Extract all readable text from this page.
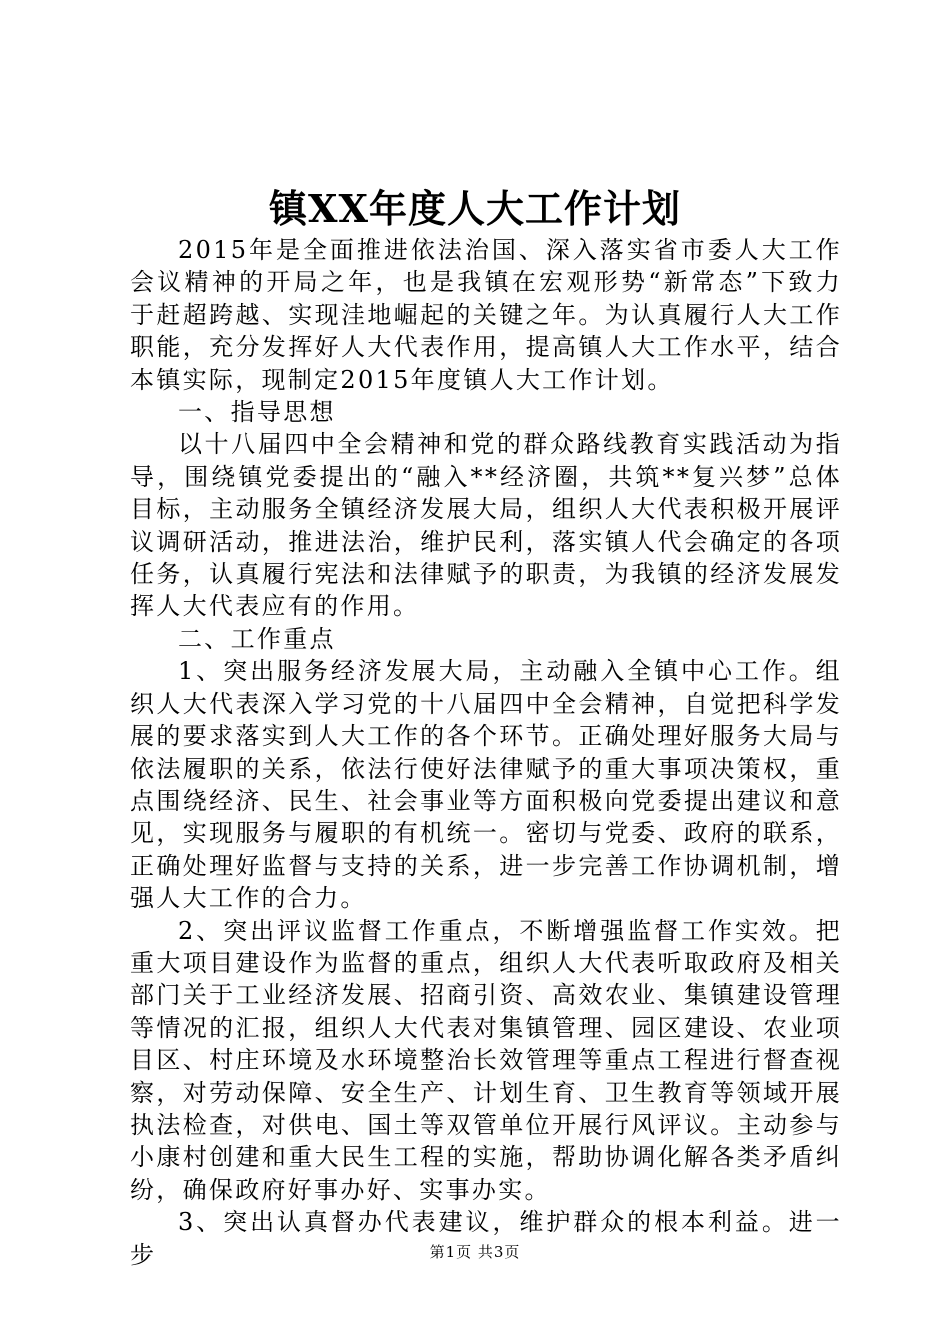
镇XX年度人大工作计划

2015年是全面推进依法治国、深入落实省市委人大工作会议精神的开局之年，也是我镇在宏观形势“新常态”下致力于赶超跨越、实现洼地崛起的关键之年。为认真履行人大工作职能，充分发挥好人大代表作用，提高镇人大工作水平，结合本镇实际，现制定2015年度镇人大工作计划。

一、指导思想

以十八届四中全会精神和党的群众路线教育实践活动为指导，围绕镇党委提出的“融入**经济圈，共筑**复兴梦”总体目标，主动服务全镇经济发展大局，组织人大代表积极开展评议调研活动，推进法治，维护民利，落实镇人代会确定的各项任务，认真履行宪法和法律赋予的职责，为我镇的经济发展发挥人大代表应有的作用。

二、工作重点

1、突出服务经济发展大局，主动融入全镇中心工作。组织人大代表深入学习党的十八届四中全会精神，自觉把科学发展的要求落实到人大工作的各个环节。正确处理好服务大局与依法履职的关系，依法行使好法律赋予的重大事项决策权，重点围绕经济、民生、社会事业等方面积极向党委提出建议和意见，实现服务与履职的有机统一。密切与党委、政府的联系，正确处理好监督与支持的关系，进一步完善工作协调机制，增强人大工作的合力。

2、突出评议监督工作重点，不断增强监督工作实效。把重大项目建设作为监督的重点，组织人大代表听取政府及相关部门关于工业经济发展、招商引资、高效农业、集镇建设管理等情况的汇报，组织人大代表对集镇管理、园区建设、农业项目区、村庄环境及水环境整治长效管理等重点工程进行督查视察，对劳动保障、安全生产、计划生育、卫生教育等领域开展执法检查，对供电、国土等双管单位开展行风评议。主动参与小康村创建和重大民生工程的实施，帮助协调化解各类矛盾纠纷，确保政府好事办好、实事办实。

3、突出认真督办代表建议，维护群众的根本利益。进一步	第1页 共3页
